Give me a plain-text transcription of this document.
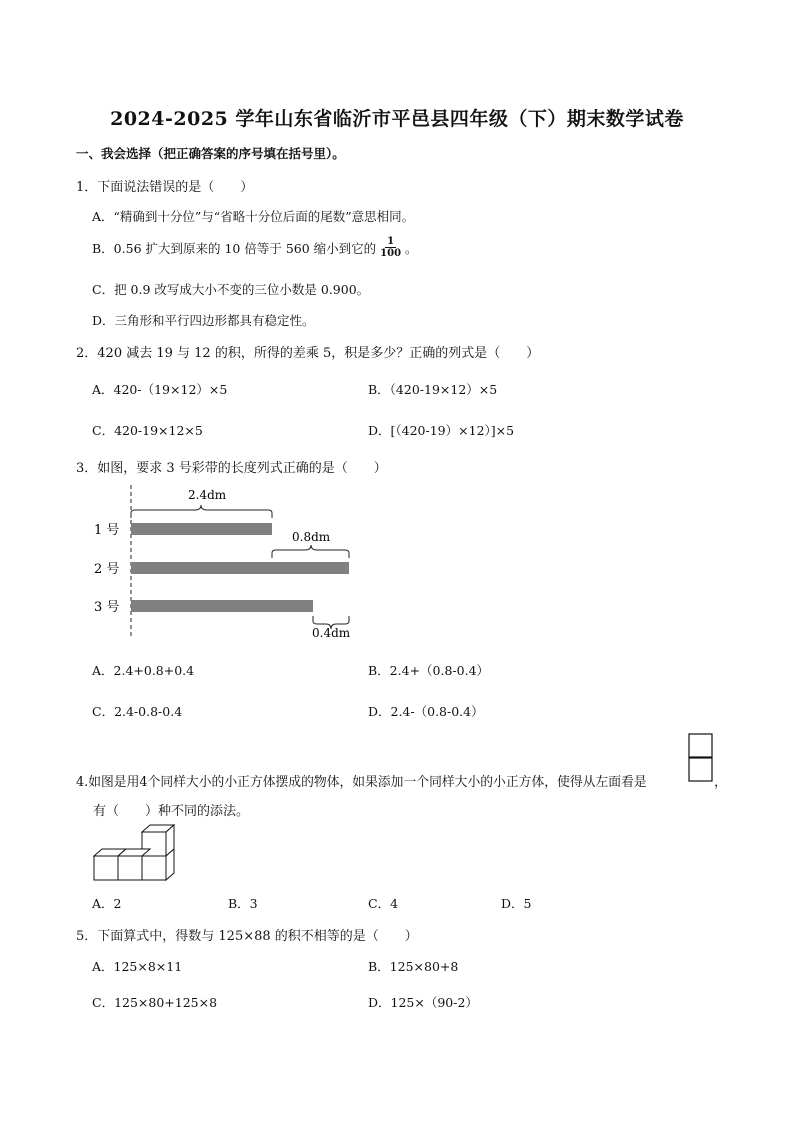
2024-2025 学年山东省临沂市平邑县四年级（下）期末数学试卷
一、我会选择（把正确答案的序号填在括号里）。
1．下面说法错误的是（　　）
A．“精确到十分位”与“省略十分位后面的尾数”意思相同。
B．0.56 扩大到原来的 10 倍等于 560 缩小到它的 $\frac{1}{100}$ 。
C．把 0.9 改写成大小不变的三位小数是 0.900。
D．三角形和平行四边形都具有稳定性。
2．420 减去 19 与 12 的积，所得的差乘 5，积是多少？正确的列式是（　　）
A．420-（19×12）×5	B．（420-19×12）×5
C．420-19×12×5	D．[（420-19）×12）]×5
3．如图，要求 3 号彩带的长度列式正确的是（　　）
1 号
2 号
3 号
2.4dm
0.8dm
0.4dm
A．2.4+0.8+0.4	B．2.4+（0.8-0.4）
C．2.4-0.8-0.4	D．2.4-（0.8-0.4）
4.如图是用4个同样大小的小正方体摆成的物体，如果添加一个同样大小的小正方体，使得从左面看是	，
有（　　）种不同的添法。
A．2	B．3	C．4	D．5
5．下面算式中，得数与 125×88 的积不相等的是（　　）
A．125×8×11	B．125×80+8
C．125×80+125×8	D．125×（90-2）
